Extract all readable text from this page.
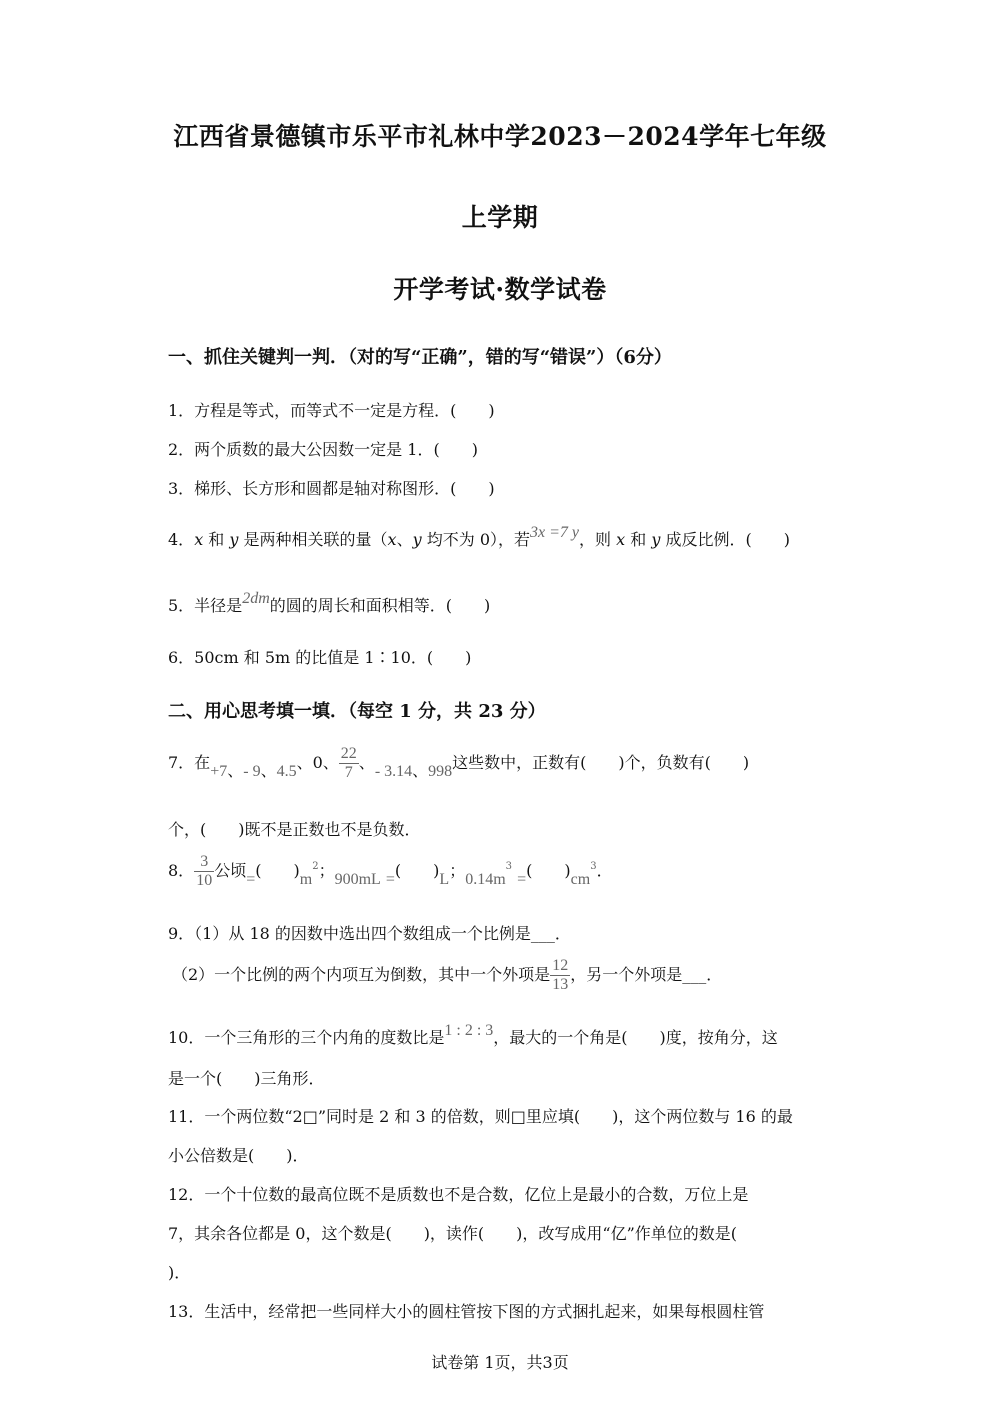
江西省景德镇市乐平市礼林中学2023－2024学年七年级
上学期
开学考试·数学试卷
一、抓住关键判一判．（对的写“正确”，错的写“错误”）（6分）
1．方程是等式，而等式不一定是方程．(　　)
2．两个质数的最大公因数一定是 1．(　　)
3．梯形、长方形和圆都是轴对称图形．(　　)
4．x 和 y 是两种相关联的量（x、y 均不为 0），若3x =7 y，则 x 和 y 成反比例．(　　)
5．半径是2dm的圆的周长和面积相等．(　　)
6．50cm 和 5m 的比值是 1∶10．(　　)
二、用心思考填一填．（每空 1 分，共 23 分）
7．在+7、- 9、4.5、0、 $\frac{22}{7}$ 、- 3.14、998这些数中，正数有(　　)个，负数有(　　)
个，(　　)既不是正数也不是负数．
8． $\frac{3}{10}$ 公顷=(　　)$m^2$；900mL =(　　)L；$0.14m^3$ =(　　)$cm^3$．
9．（1）从 18 的因数中选出四个数组成一个比例是___．
（2）一个比例的两个内项互为倒数，其中一个外项是 $\frac{12}{13}$ ，另一个外项是___．
10．一个三角形的三个内角的度数比是1 : 2 : 3，最大的一个角是(　　)度，按角分，这
是一个(　　)三角形．
11．一个两位数“2□”同时是 2 和 3 的倍数，则□里应填(　　)，这个两位数与 16 的最
小公倍数是(　　)．
12．一个十位数的最高位既不是质数也不是合数，亿位上是最小的合数，万位上是
7，其余各位都是 0，这个数是(　　)，读作(　　)，改写成用“亿”作单位的数是(
)．
13．生活中，经常把一些同样大小的圆柱管按下图的方式捆扎起来，如果每根圆柱管
试卷第 1页，共3页
